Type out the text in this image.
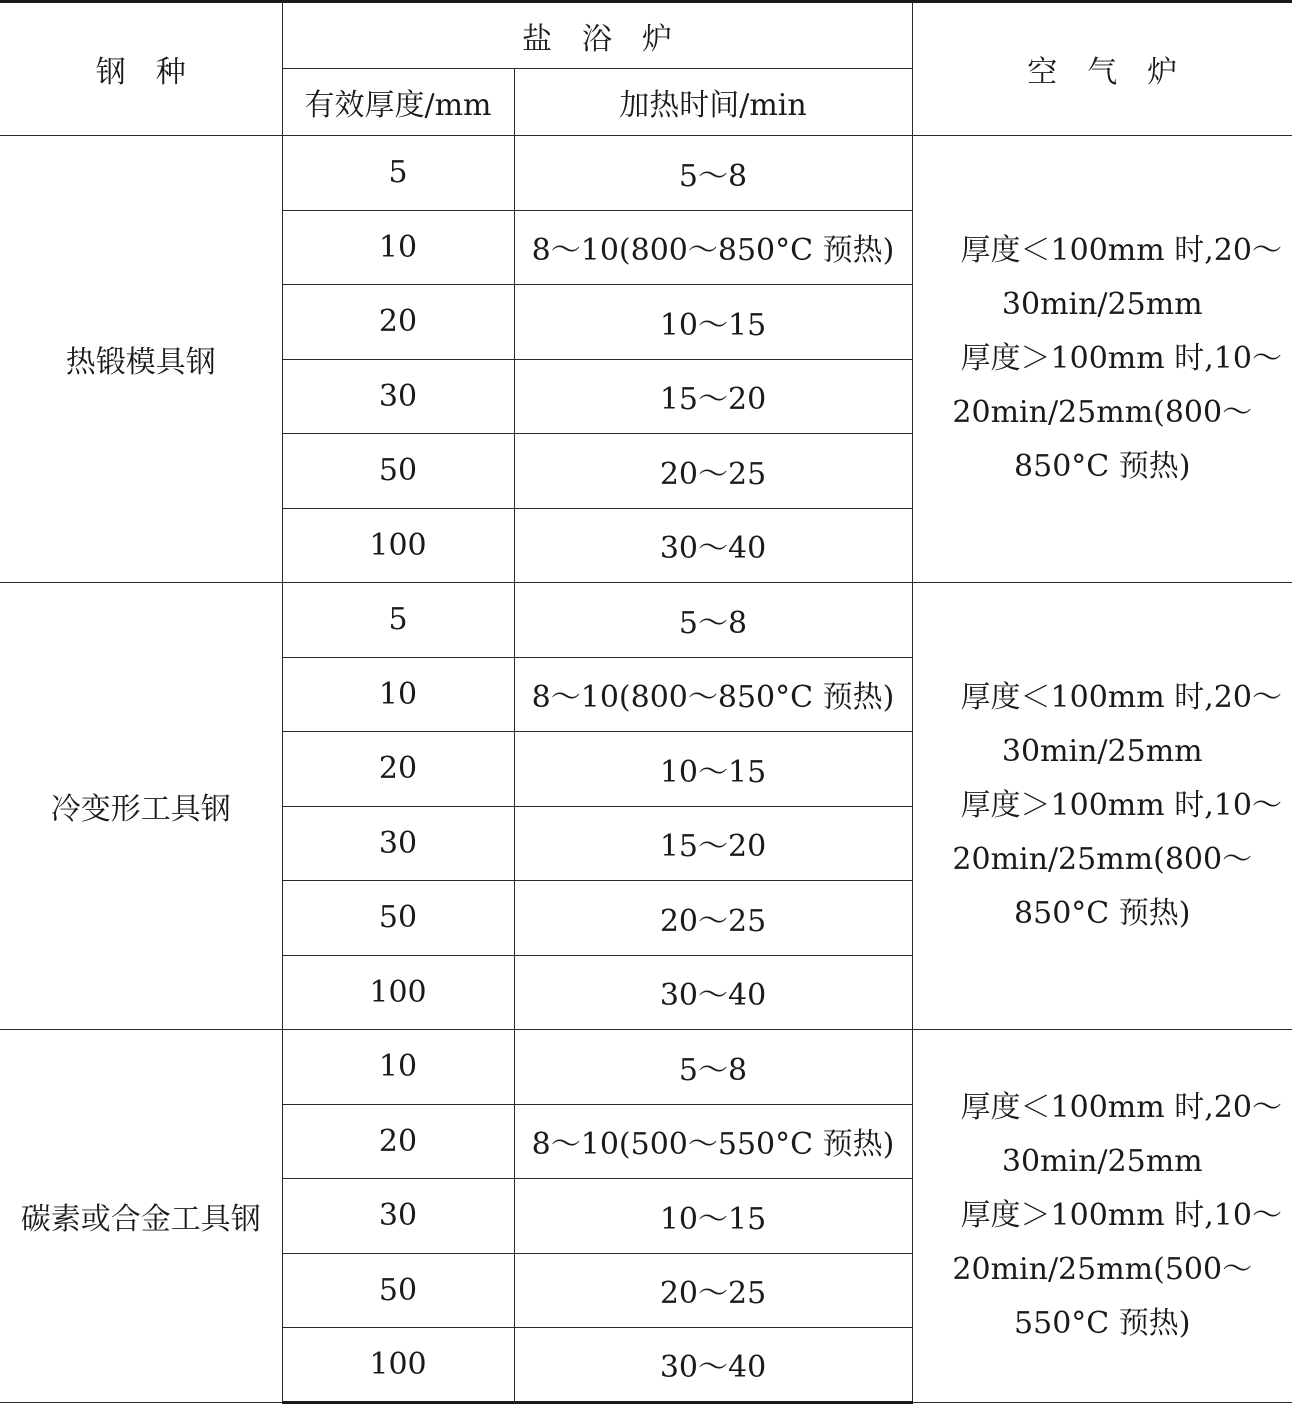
钢　种	盐　浴　炉		空　气　炉
	有效厚度/mm	加热时间/min	
热锻模具钢	5	5～8	厚度＜100mm 时,20～30min/25mm
厚度＞100mm 时,10～20min/25mm(800～850°C 预热)

	10	8～10(800～850°C 预热)	
	20	10～15	
	30	15～20	
	50	20～25	
	100	30～40	
冷变形工具钢	5	5～8	厚度＜100mm 时,20～30min/25mm
厚度＞100mm 时,10～20min/25mm(800～850°C 预热)

	10	8～10(800～850°C 预热)	
	20	10～15	
	30	15～20	
	50	20～25	
	100	30～40	
碳素或合金工具钢	10	5～8	厚度＜100mm 时,20～30min/25mm
厚度＞100mm 时,10～20min/25mm(500～550°C 预热)

	20	8～10(500～550°C 预热)	
	30	10～15	
	50	20～25	
	100	30～40	
